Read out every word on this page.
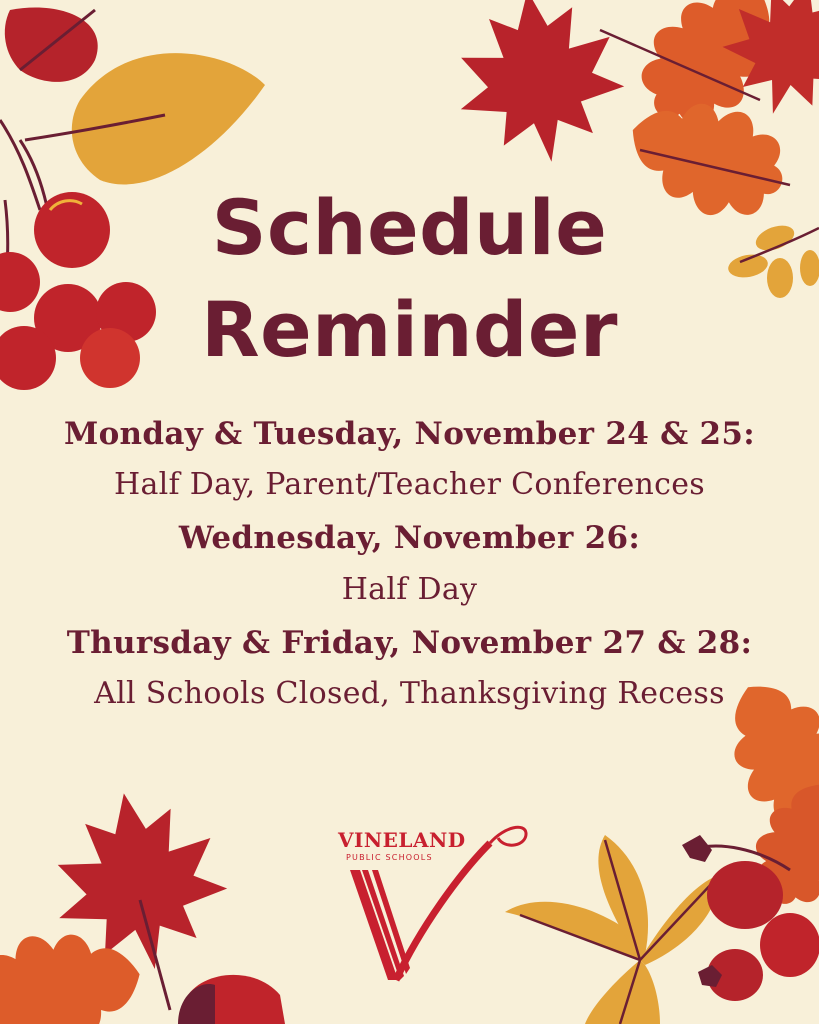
Schedule
Reminder
Monday & Tuesday, November 24 & 25:
Half Day, Parent/Teacher Conferences
Wednesday, November 26:
Half Day
Thursday & Friday, November 27 & 28:
All Schools Closed, Thanksgiving Recess
VINELAND
PUBLIC SCHOOLS
